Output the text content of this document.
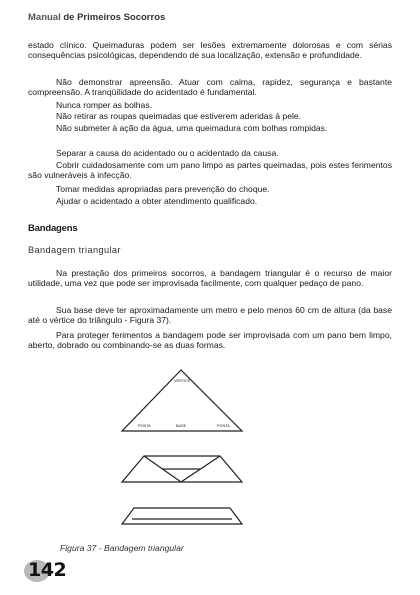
Manual de Primeiros Socorros
estado clínico. Queimaduras podem ser lesões extremamente dolorosas e com sérias consequências psicológicas, dependendo de sua localização, extensão e profundidade.
Não demonstrar apreensão. Atuar com calma, rapidez, segurança e bastante compreensão. A tranqüilidade do acidentado é fundamental.
Nunca romper as bolhas.
Não retirar as roupas queimadas que estiverem aderidas à pele.
Não submeter à ação da água, uma queimadura com bolhas rompidas.
Separar a causa do acidentado ou o acidentado da causa.
Cobrir cuidadosamente com um pano limpo as partes queimadas, pois estes ferimentos são vulneráveis à infecção.
Tomar medidas apropriadas para prevenção do choque.
Ajudar o acidentado a obter atendimento qualificado.
Bandagens
Bandagem triangular
Na prestação dos primeiros socorros, a bandagem triangular é o recurso de maior utilidade, uma vez que pode ser improvisada facilmente, com qualquer pedaço de pano.
Sua base deve ter aproximadamente um metro e pelo menos 60 cm de altura (da base até o vértice do triângulo - Figura 37).
Para proteger ferimentos a bandagem pode ser improvisada com um pano bem limpo, aberto, dobrado ou combinando-se as duas formas.
VÉRTICE
PONTA	BASE	PONTA
Figura 37 - Bandagem triangular
142
